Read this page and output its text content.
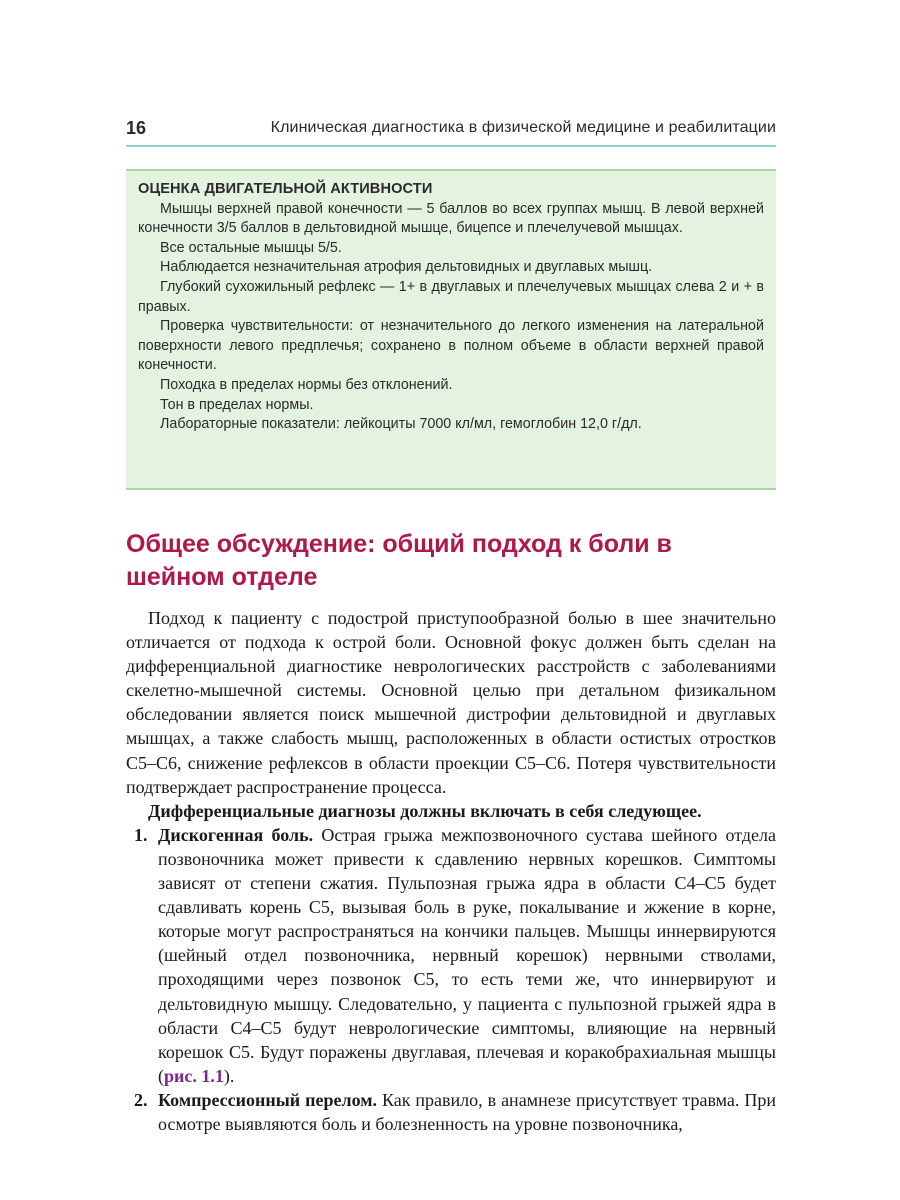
16	Клиническая диагностика в физической медицине и реабилитации
ОЦЕНКА ДВИГАТЕЛЬНОЙ АКТИВНОСТИ

Мышцы верхней правой конечности — 5 баллов во всех группах мышц. В левой верхней конечности 3/5 баллов в дельтовидной мышце, бицепсе и плечелучевой мышцах.

Все остальные мышцы 5/5.

Наблюдается незначительная атрофия дельтовидных и двуглавых мышц.

Глубокий сухожильный рефлекс — 1+ в двуглавых и плечелучевых мышцах слева 2 и + в правых.

Проверка чувствительности: от незначительного до легкого изменения на латеральной поверхности левого предплечья; сохранено в полном объеме в области верхней правой конечности.

Походка в пределах нормы без отклонений.

Тон в пределах нормы.

Лабораторные показатели: лейкоциты 7000 кл/мл, гемоглобин 12,0 г/дл.

Общее обсуждение: общий подход к боли в шейном отделе

Подход к пациенту с подострой приступообразной болью в шее значительно отличается от подхода к острой боли. Основной фокус должен быть сделан на дифференциальной диагностике неврологических расстройств с заболеваниями скелетно-мышечной системы. Основной целью при детальном физикальном обследовании является поиск мышечной дистрофии дельтовидной и двуглавых мышцах, а также слабость мышц, расположенных в области остистых отростков C5–C6, снижение рефлексов в области проекции C5–C6. Потеря чувствительности подтверждает распространение процесса.

Дифференциальные диагнозы должны включать в себя следующее.

1. Дискогенная боль. Острая грыжа межпозвоночного сустава шейного отдела позвоночника может привести к сдавлению нервных корешков. Симптомы зависят от степени сжатия. Пульпозная грыжа ядра в области C4–C5 будет сдавливать корень C5, вызывая боль в руке, покалывание и жжение в корне, которые могут распространяться на кончики пальцев. Мышцы иннервируются (шейный отдел позвоночника, нервный корешок) нервными стволами, проходящими через позвонок C5, то есть теми же, что иннервируют и дельтовидную мышцу. Следовательно, у пациента с пульпозной грыжей ядра в области C4–C5 будут неврологические симптомы, влияющие на нервный корешок C5. Будут поражены двуглавая, плечевая и коракобрахиальная мышцы (рис. 1.1).

2. Компрессионный перелом. Как правило, в анамнезе присутствует травма. При осмотре выявляются боль и болезненность на уровне позвоночника,
